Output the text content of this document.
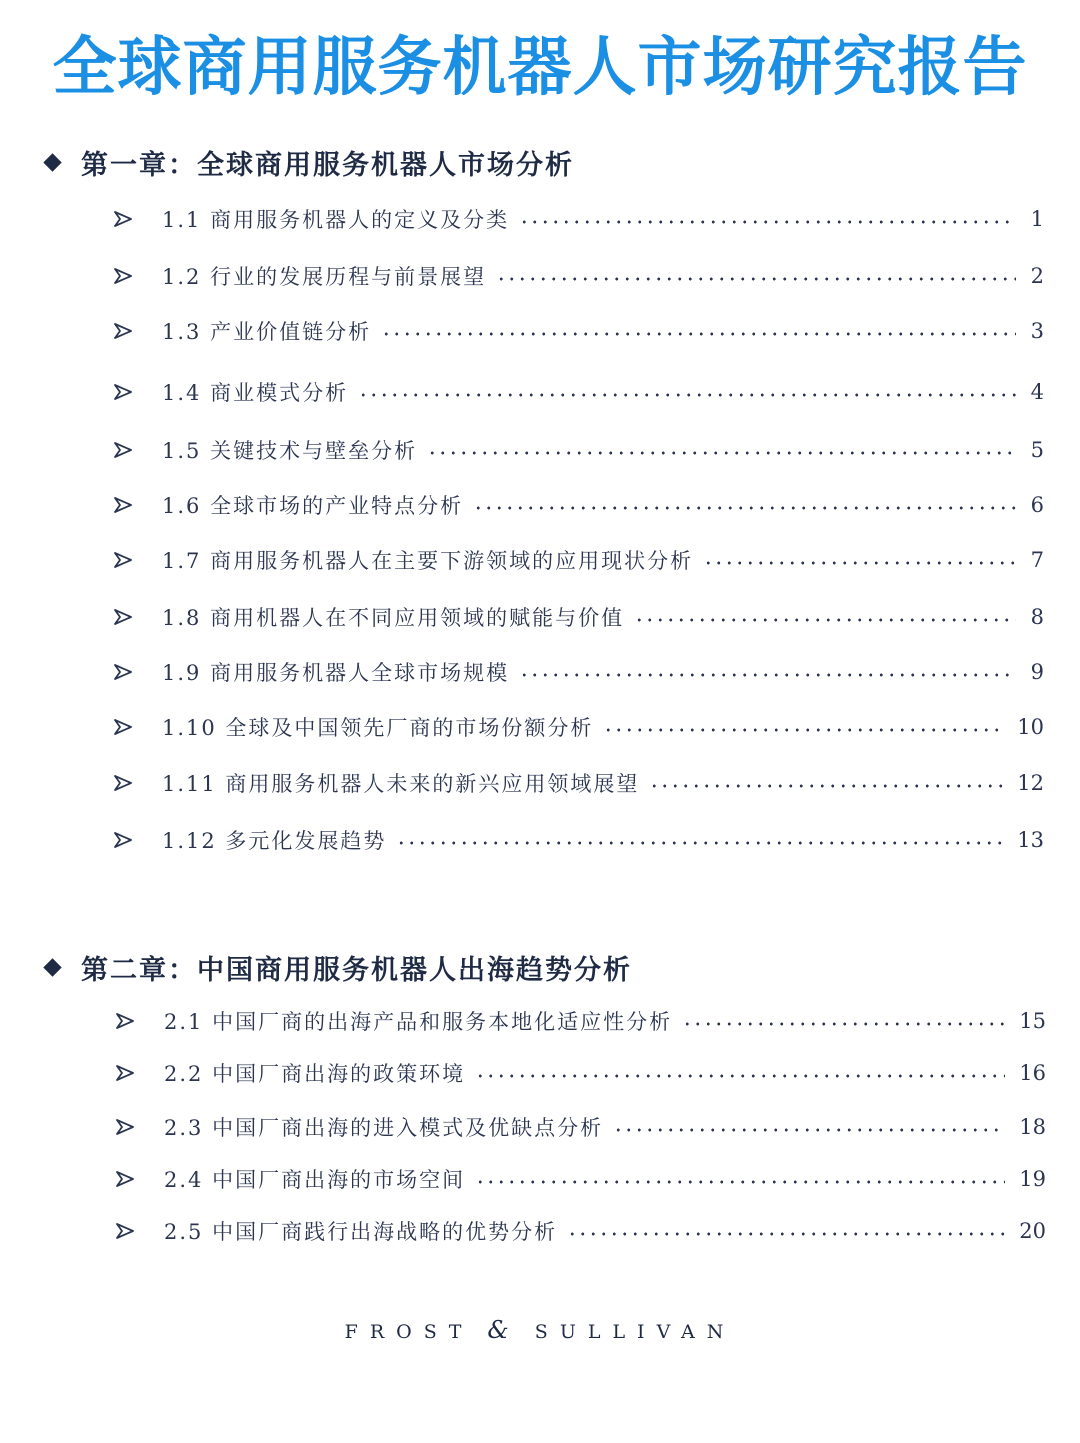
全球商用服务机器人市场研究报告
第一章：全球商用服务机器人市场分析
1.1 商用服务机器人的定义及分类	1
1.2 行业的发展历程与前景展望	2
1.3 产业价值链分析	3
1.4 商业模式分析	4
1.5 关键技术与壁垒分析	5
1.6 全球市场的产业特点分析	6
1.7 商用服务机器人在主要下游领域的应用现状分析	7
1.8 商用机器人在不同应用领域的赋能与价值	8
1.9 商用服务机器人全球市场规模	9
1.10 全球及中国领先厂商的市场份额分析	10
1.11 商用服务机器人未来的新兴应用领域展望	12
1.12 多元化发展趋势	13
第二章：中国商用服务机器人出海趋势分析
2.1 中国厂商的出海产品和服务本地化适应性分析	15
2.2 中国厂商出海的政策环境	16
2.3 中国厂商出海的进入模式及优缺点分析	18
2.4 中国厂商出海的市场空间	19
2.5 中国厂商践行出海战略的优势分析	20
FROST & SULLIVAN
